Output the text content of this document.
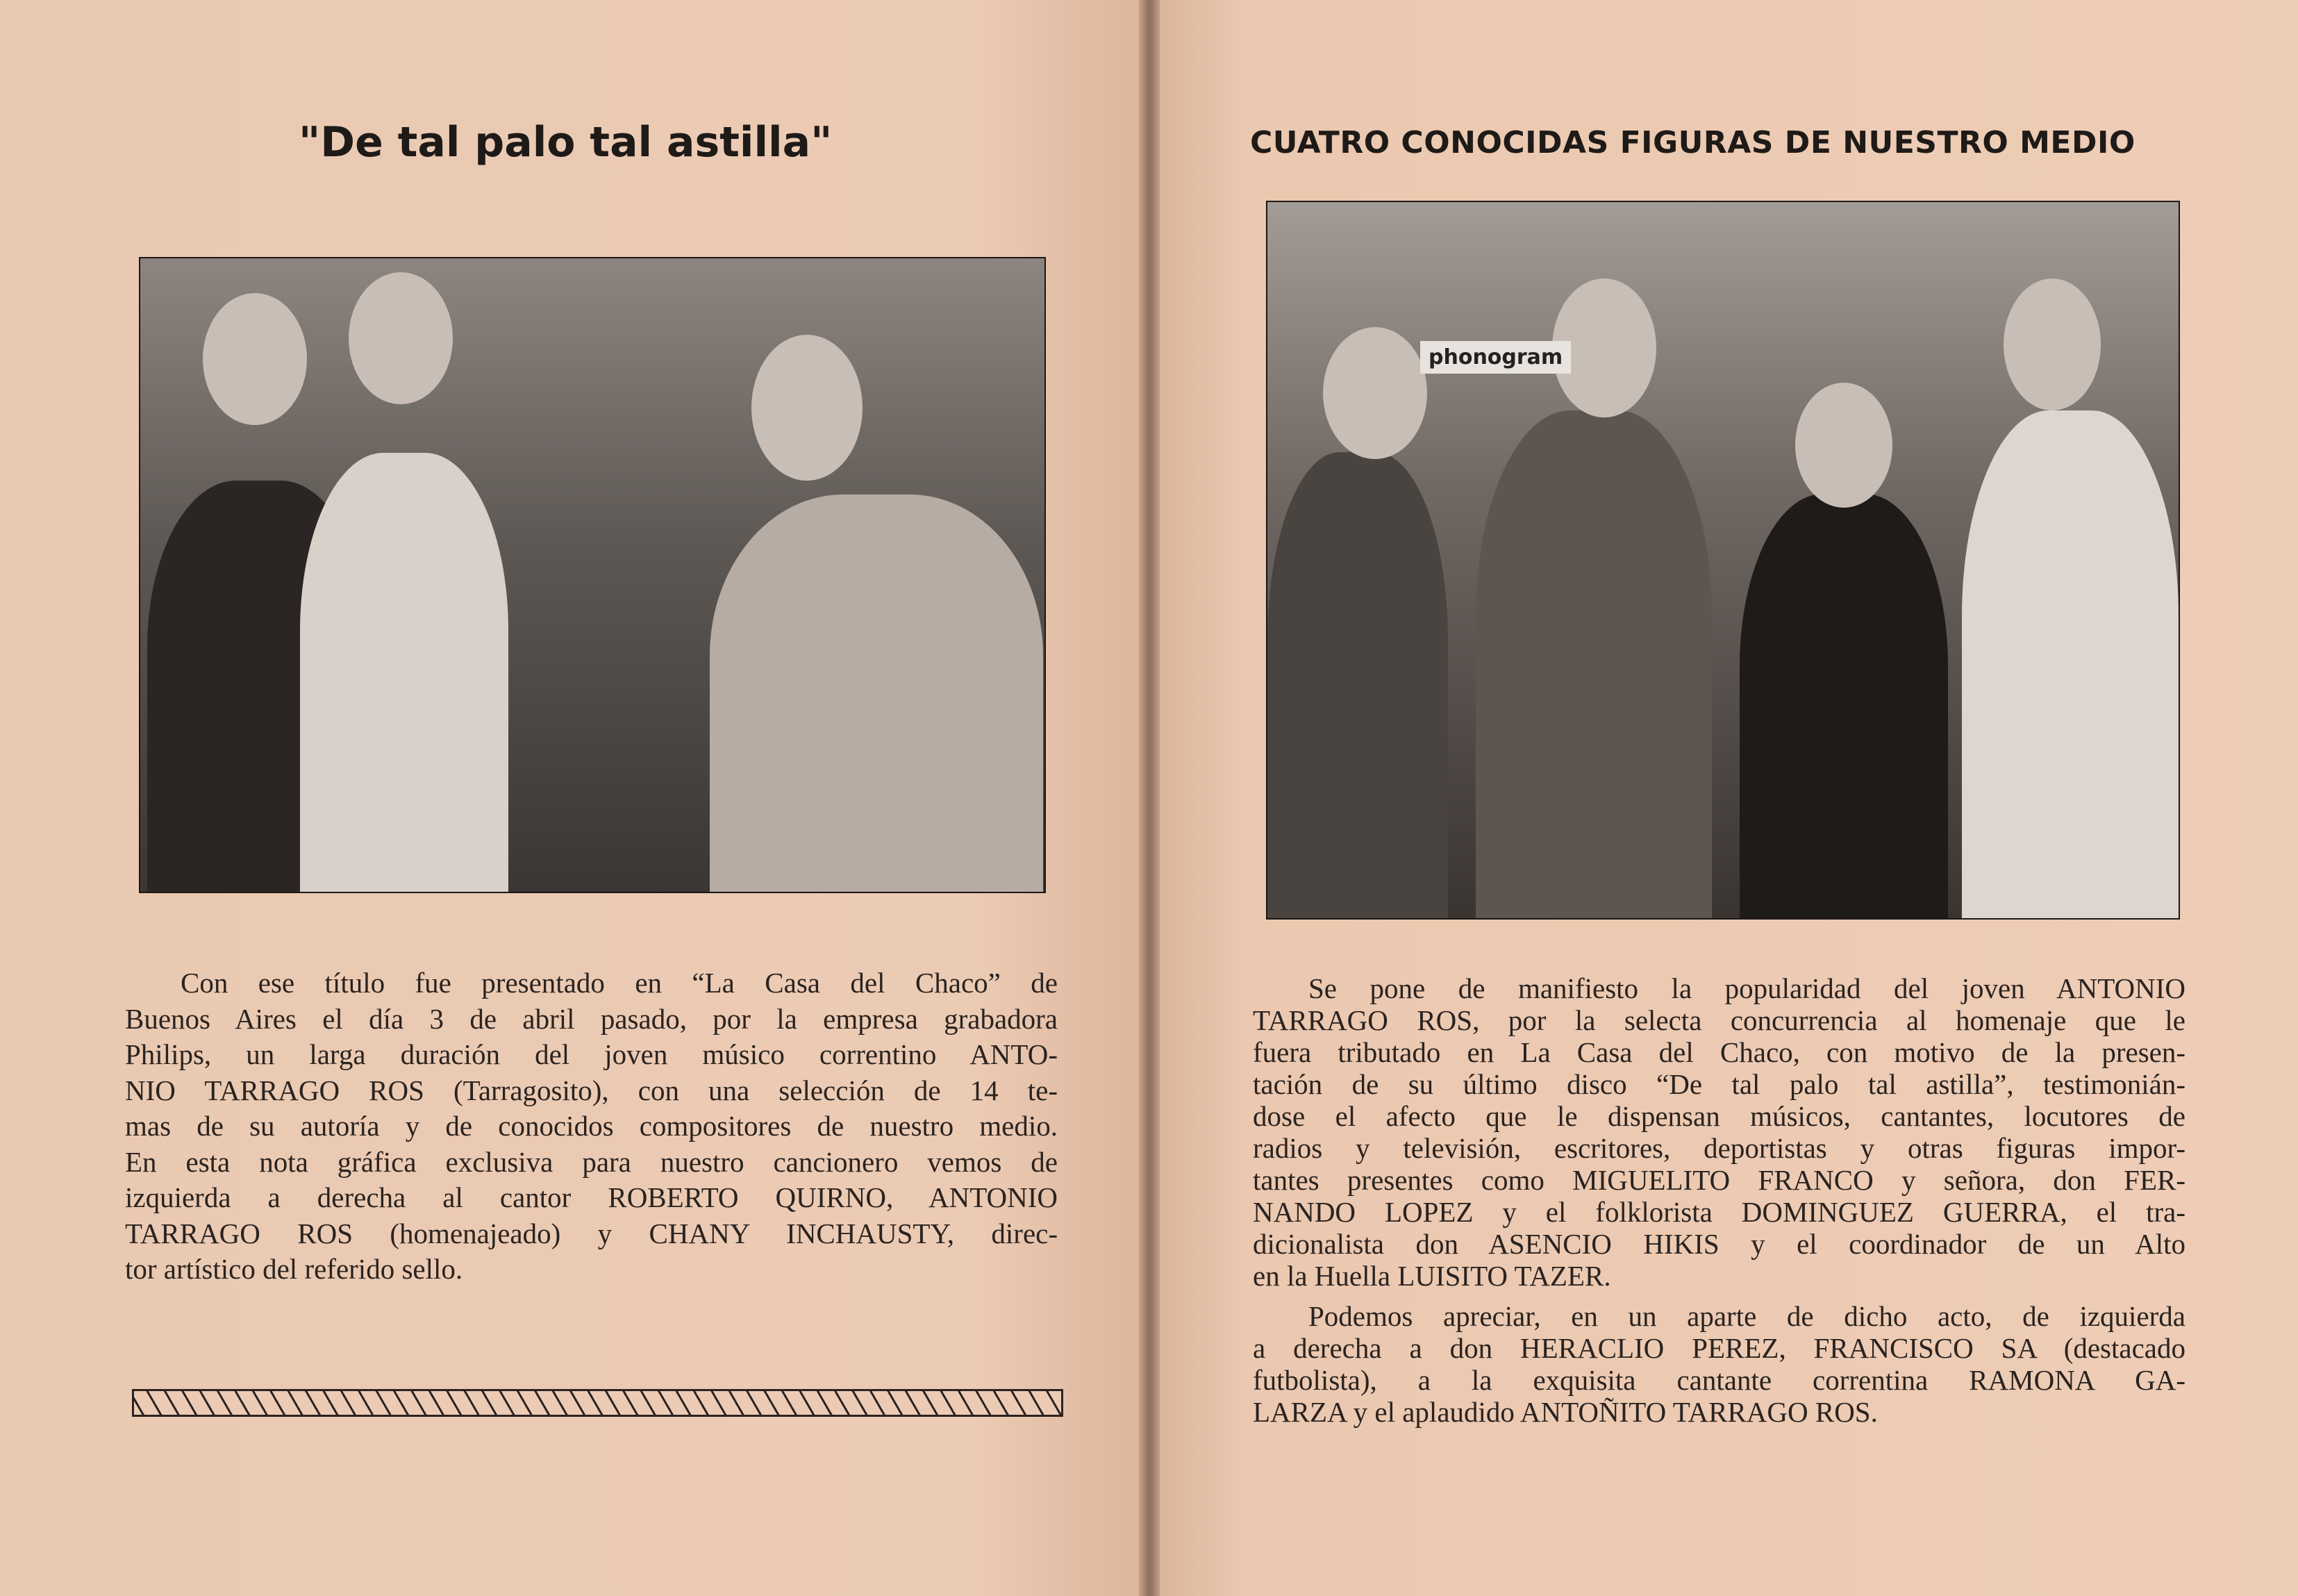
"De tal palo tal astilla"
Con ese título fue presentado en “La Casa del Chaco” de
Buenos Aires el día 3 de abril pasado, por la empresa grabadora
Philips, un larga duración del joven músico correntino ANTO-
NIO TARRAGO ROS (Tarragosito), con una selección de 14 te-
mas de su autoría y de conocidos compositores de nuestro medio.
En esta nota gráfica exclusiva para nuestro cancionero vemos de
izquierda a derecha al cantor ROBERTO QUIRNO, ANTONIO
TARRAGO ROS (homenajeado) y CHANY INCHAUSTY, direc-
tor artístico del referido sello.
CUATRO CONOCIDAS FIGURAS DE NUESTRO MEDIO
phonogram
Se pone de manifiesto la popularidad del joven ANTONIO
TARRAGO ROS, por la selecta concurrencia al homenaje que le
fuera tributado en La Casa del Chaco, con motivo de la presen-
tación de su último disco “De tal palo tal astilla”, testimonián-
dose el afecto que le dispensan músicos, cantantes, locutores de
radios y televisión, escritores, deportistas y otras figuras impor-
tantes presentes como MIGUELITO FRANCO y señora, don FER-
NANDO LOPEZ y el folklorista DOMINGUEZ GUERRA, el tra-
dicionalista don ASENCIO HIKIS y el coordinador de un Alto
en la Huella LUISITO TAZER.
Podemos apreciar, en un aparte de dicho acto, de izquierda
a derecha a don HERACLIO PEREZ, FRANCISCO SA (destacado
futbolista), a la exquisita cantante correntina RAMONA GA-
LARZA y el aplaudido ANTOÑITO TARRAGO ROS.
